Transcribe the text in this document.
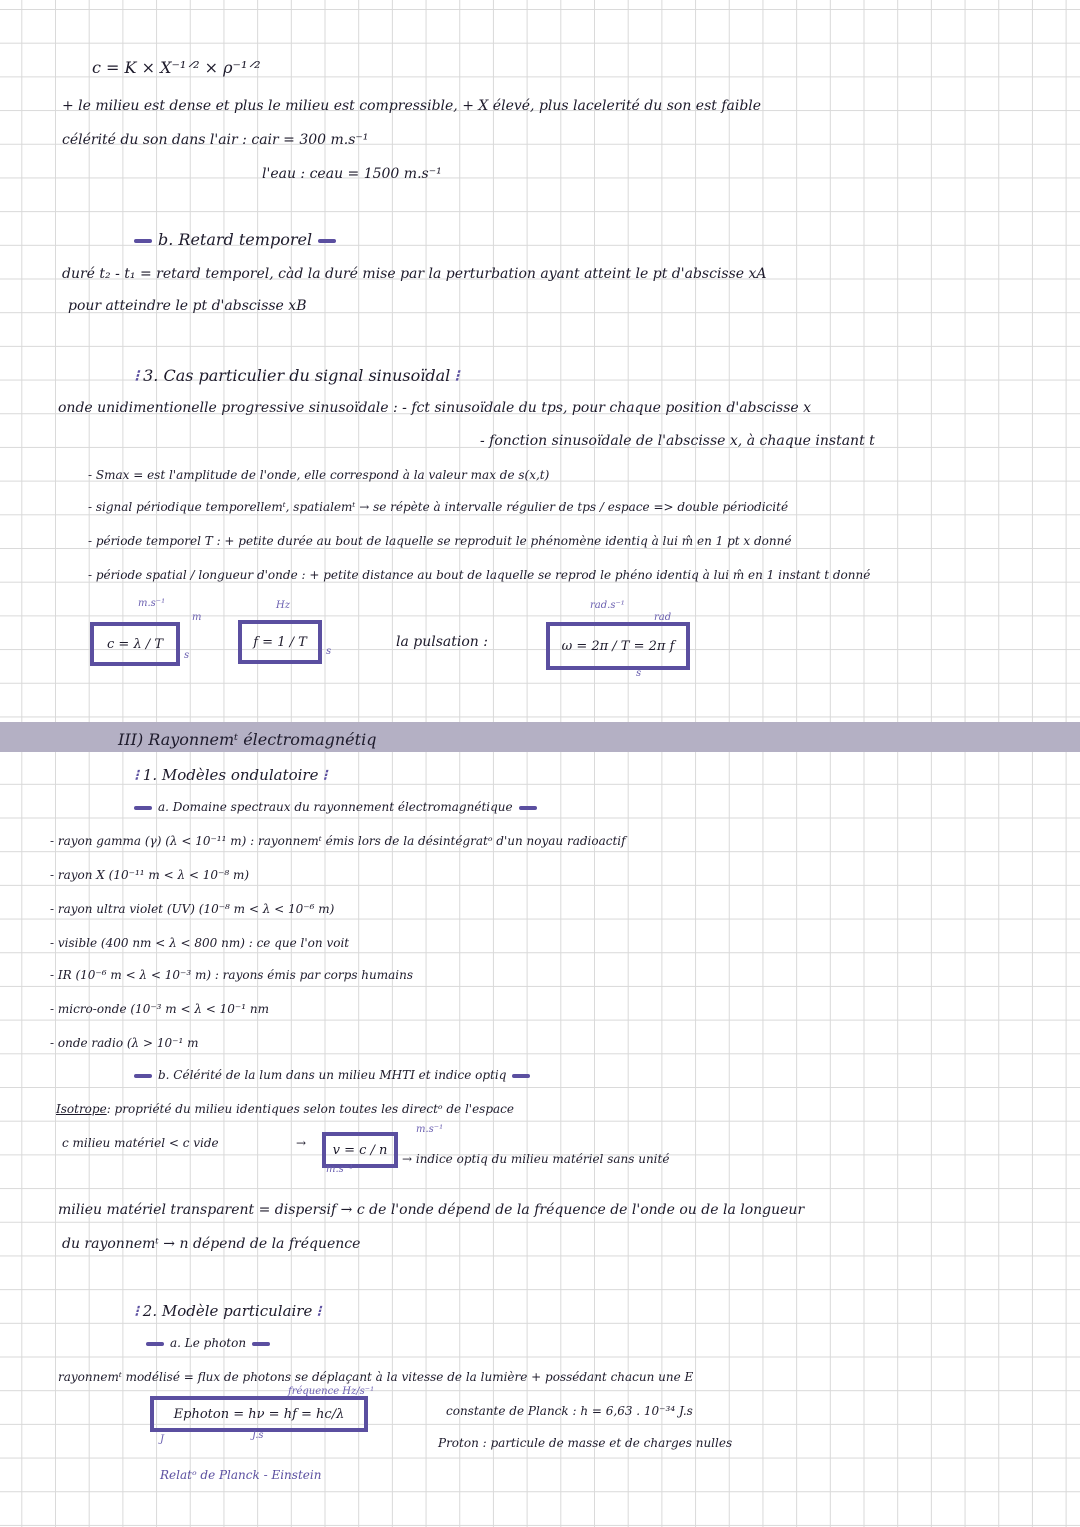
c = K × X⁻¹ᐟ² × ρ⁻¹ᐟ²
+ le milieu est dense et plus le milieu est compressible, + X élevé, plus lacelerité du son est faible
célérité du son dans l'air : cair = 300 m.s⁻¹
l'eau : ceau = 1500 m.s⁻¹
b. Retard temporel
duré t₂ - t₁ = retard temporel, càd la duré mise par la perturbation ayant atteint le pt d'abscisse xA
pour atteindre le pt d'abscisse xB
⁝ 3. Cas particulier du signal sinusoïdal ⁝
onde unidimentionelle progressive sinusoïdale : - fct sinusoïdale du tps, pour chaque position d'abscisse x
- fonction sinusoïdale de l'abscisse x, à chaque instant t
- Smax = est l'amplitude de l'onde, elle correspond à la valeur max de s(x,t)
- signal périodique temporellemᵗ, spatialemᵗ → se répète à intervalle régulier de tps / espace => double périodicité
- période temporel T : + petite durée au bout de laquelle se reproduit le phénomène identiq à lui m̂ en 1 pt x donné
- période spatial / longueur d'onde : + petite distance au bout de laquelle se reprod le phéno identiq à lui m̂ en 1 instant t donné
m.s⁻¹
m
c = λ / T
s
Hz
f = 1 / T
s
la pulsation :
rad.s⁻¹
rad
ω = 2π / T = 2π f
s
III) Rayonnemᵗ électromagnétiq
⁝ 1. Modèles ondulatoire ⁝
a. Domaine spectraux du rayonnement électromagnétique
- rayon gamma (γ) (λ < 10⁻¹¹ m) : rayonnemᵗ émis lors de la désintégratᵒ d'un noyau radioactif
- rayon X (10⁻¹¹ m < λ < 10⁻⁸ m)
- rayon ultra violet (UV) (10⁻⁸ m < λ < 10⁻⁶ m)
- visible (400 nm < λ < 800 nm) : ce que l'on voit
- IR (10⁻⁶ m < λ < 10⁻³ m) : rayons émis par corps humains
- micro-onde (10⁻³ m < λ < 10⁻¹ nm
- onde radio (λ > 10⁻¹ m
b. Célérité de la lum dans un milieu MHTI et indice optiq
Isotrope: propriété du milieu identiques selon toutes les directᵒ de l'espace
c milieu matériel < c vide	→
m.s⁻¹
v = c / n
m.s⁻¹
→ indice optiq du milieu matériel sans unité
milieu matériel transparent = dispersif → c de l'onde dépend de la fréquence de l'onde ou de la longueur
du rayonnemᵗ → n dépend de la fréquence
⁝ 2. Modèle particulaire ⁝
a. Le photon
rayonnemᵗ modélisé = flux de photons se déplaçant à la vitesse de la lumière + possédant chacun une E
fréquence Hz/s⁻¹
Ephoton = hν = hf = hc/λ
J	J.s
constante de Planck : h = 6,63 . 10⁻³⁴ J.s
Proton : particule de masse et de charges nulles
Relatᵒ de Planck - Einstein
